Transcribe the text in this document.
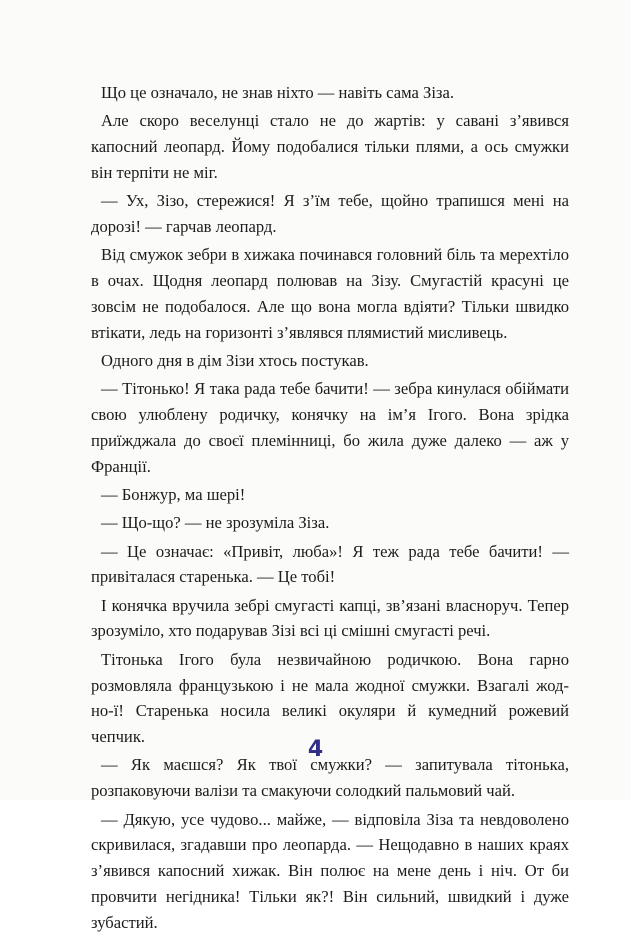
Що це означало, не знав ніхто — навіть сама Зіза.

Але скоро веселунці стало не до жартів: у савані з’явився капосний леопард. Йому подобалися тільки плями, а ось смужки він терпіти не міг.

— Ух, Зізо, стережися! Я з’їм тебе, щойно трапишся мені на дорозі! — гарчав леопард.

Від смужок зебри в хижака починався головний біль та мерехтіло в очах. Щодня леопард полював на Зізу. Смугастій красуні це зовсім не подобалося. Але що вона могла вдіяти? Тільки швидко втікати, ледь на горизонті з’являвся плямистий мисливець.

Одного дня в дім Зізи хтось постукав.

— Тітонько! Я така рада тебе бачити! — зебра кинулася обіймати свою улюблену родичку, конячку на ім’я Ігого. Вона зрідка приїжджала до своєї племінниці, бо жила дуже далеко — аж у Франції.

— Бонжур, ма шері!

— Що-що? — не зрозуміла Зіза.

— Це означає: «Привіт, люба»! Я теж рада тебе бачити! — привіталася старенька. — Це тобі!

І конячка вручила зебрі смугасті капці, зв’язані власноруч. Тепер зрозуміло, хто подарував Зізі всі ці смішні смугасті речі.

Тітонька Ігого була незвичайною родичкою. Вона гарно розмовляла французькою і не мала жодної смужки. Взагалі жод-но-ї! Старенька носила великі окуляри й кумедний рожевий чепчик.

— Як маєшся? Як твої смужки? — запитувала тітонька, розпаковуючи валізи та смакуючи солодкий пальмовий чай.

— Дякую, усе чудово... майже, — відповіла Зіза та невдоволено скривилася, згадавши про леопарда. — Нещодавно в наших краях з’явився капосний хижак. Він полює на мене день і ніч. От би провчити негідника! Тільки як?! Він сильний, швидкий і дуже зубастий.

4
